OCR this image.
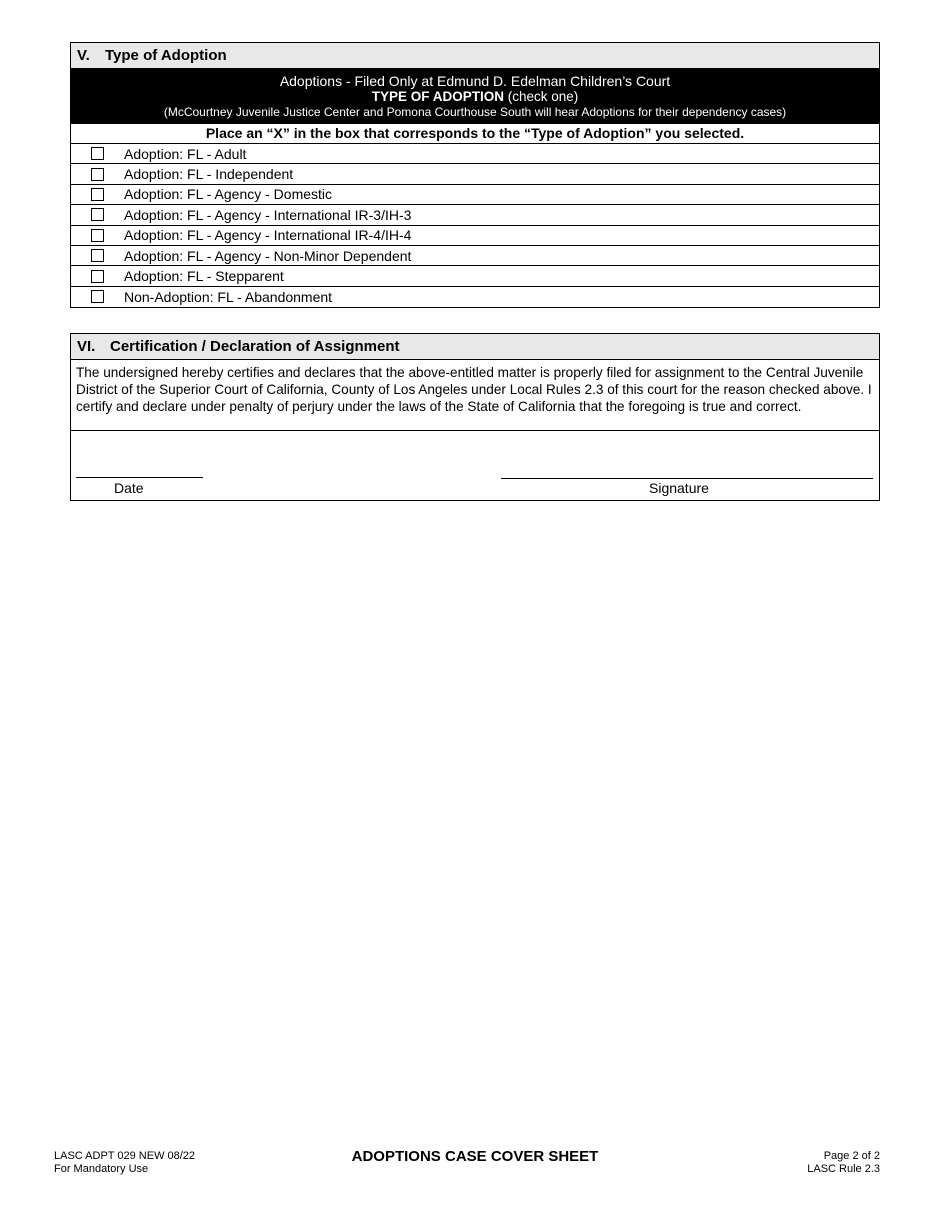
V.	Type of Adoption
Adoptions - Filed Only at Edmund D. Edelman Children’s Court
TYPE OF ADOPTION (check one)
(McCourtney Juvenile Justice Center and Pomona Courthouse South will hear Adoptions for their dependency cases)
Place an “X” in the box that corresponds to the “Type of Adoption” you selected.
Adoption: FL - Adult
Adoption: FL - Independent
Adoption: FL - Agency - Domestic
Adoption: FL - Agency - International IR-3/IH-3
Adoption: FL - Agency - International IR-4/IH-4
Adoption: FL - Agency - Non-Minor Dependent
Adoption: FL - Stepparent
Non-Adoption: FL - Abandonment
VI. Certification / Declaration of Assignment
The undersigned hereby certifies and declares that the above-entitled matter is properly filed for assignment to the Central Juvenile District of the Superior Court of California, County of Los Angeles under Local Rules 2.3 of this court for the reason checked above. I certify and declare under penalty of perjury under the laws of the State of California that the foregoing is true and correct.
Date	Signature
LASC ADPT 029 NEW 08/22
For Mandatory Use
ADOPTIONS CASE COVER SHEET	Page 2 of 2
LASC Rule 2.3
